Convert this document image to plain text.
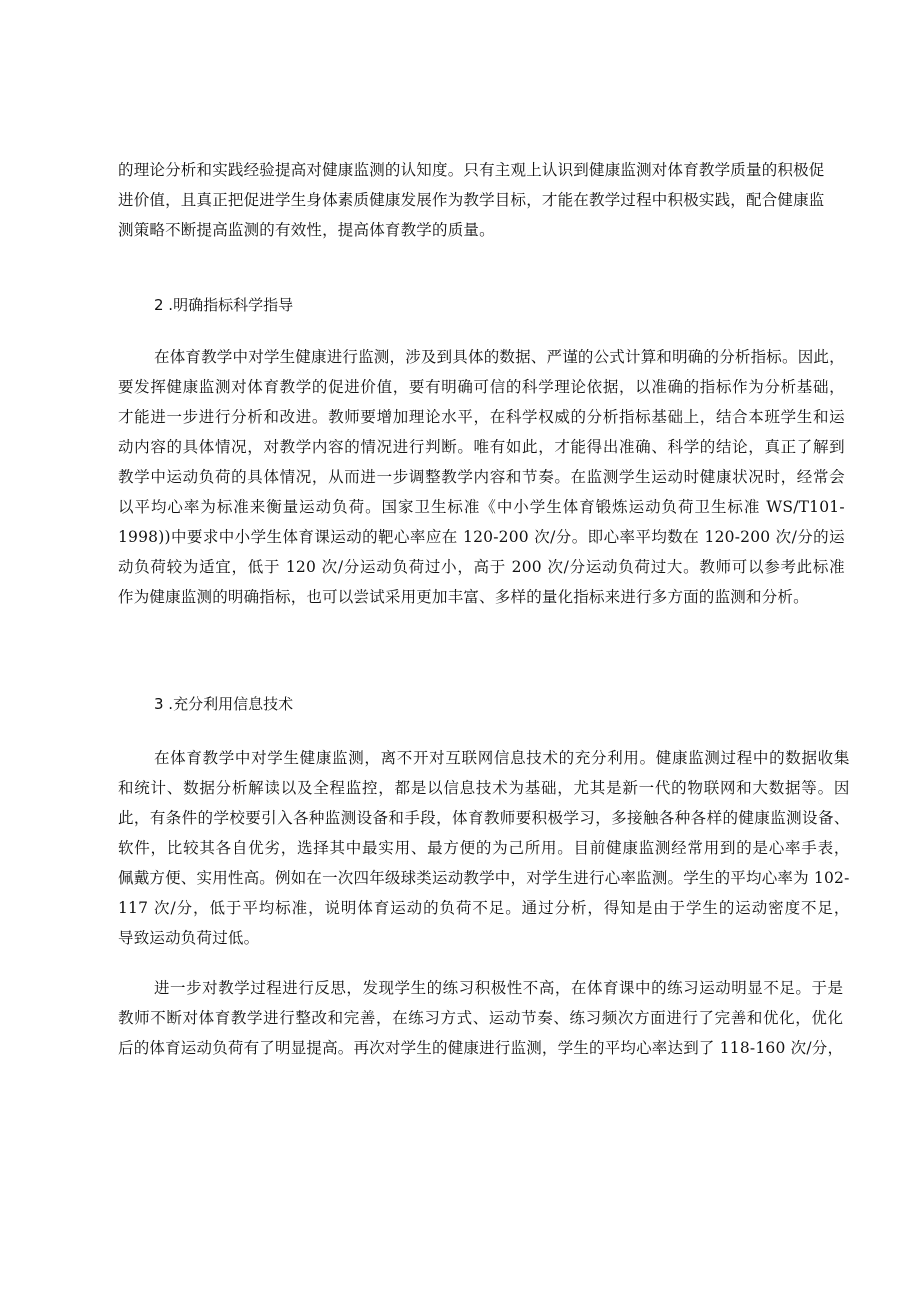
的理论分析和实践经验提高对健康监测的认知度。只有主观上认识到健康监测对体育教学质量的积极促
进价值，且真正把促进学生身体素质健康发展作为教学目标，才能在教学过程中积极实践，配合健康监
测策略不断提高监测的有效性，提高体育教学的质量。
2 .明确指标科学指导
在体育教学中对学生健康进行监测，涉及到具体的数据、严谨的公式计算和明确的分析指标。因此，
要发挥健康监测对体育教学的促进价值，要有明确可信的科学理论依据，以准确的指标作为分析基础，
才能进一步进行分析和改进。教师要增加理论水平，在科学权威的分析指标基础上，结合本班学生和运
动内容的具体情况，对教学内容的情况进行判断。唯有如此，才能得出准确、科学的结论，真正了解到
教学中运动负荷的具体情况，从而进一步调整教学内容和节奏。在监测学生运动时健康状况时，经常会
以平均心率为标准来衡量运动负荷。国家卫生标准《中小学生体育锻炼运动负荷卫生标准 WS/T101-
1998))中要求中小学生体育课运动的靶心率应在 120-200 次/分。即心率平均数在 120-200 次/分的运
动负荷较为适宜，低于 120 次/分运动负荷过小，高于 200 次/分运动负荷过大。教师可以参考此标准
作为健康监测的明确指标，也可以尝试采用更加丰富、多样的量化指标来进行多方面的监测和分析。
3 .充分利用信息技术
在体育教学中对学生健康监测，离不开对互联网信息技术的充分利用。健康监测过程中的数据收集
和统计、数据分析解读以及全程监控，都是以信息技术为基础，尤其是新一代的物联网和大数据等。因
此，有条件的学校要引入各种监测设备和手段，体育教师要积极学习，多接触各种各样的健康监测设备、
软件，比较其各自优劣，选择其中最实用、最方便的为己所用。目前健康监测经常用到的是心率手表，
佩戴方便、实用性高。例如在一次四年级球类运动教学中，对学生进行心率监测。学生的平均心率为 102-
117 次/分，低于平均标准，说明体育运动的负荷不足。通过分析，得知是由于学生的运动密度不足，
导致运动负荷过低。
进一步对教学过程进行反思，发现学生的练习积极性不高，在体育课中的练习运动明显不足。于是
教师不断对体育教学进行整改和完善，在练习方式、运动节奏、练习频次方面进行了完善和优化，优化
后的体育运动负荷有了明显提高。再次对学生的健康进行监测，学生的平均心率达到了 118-160 次/分，
